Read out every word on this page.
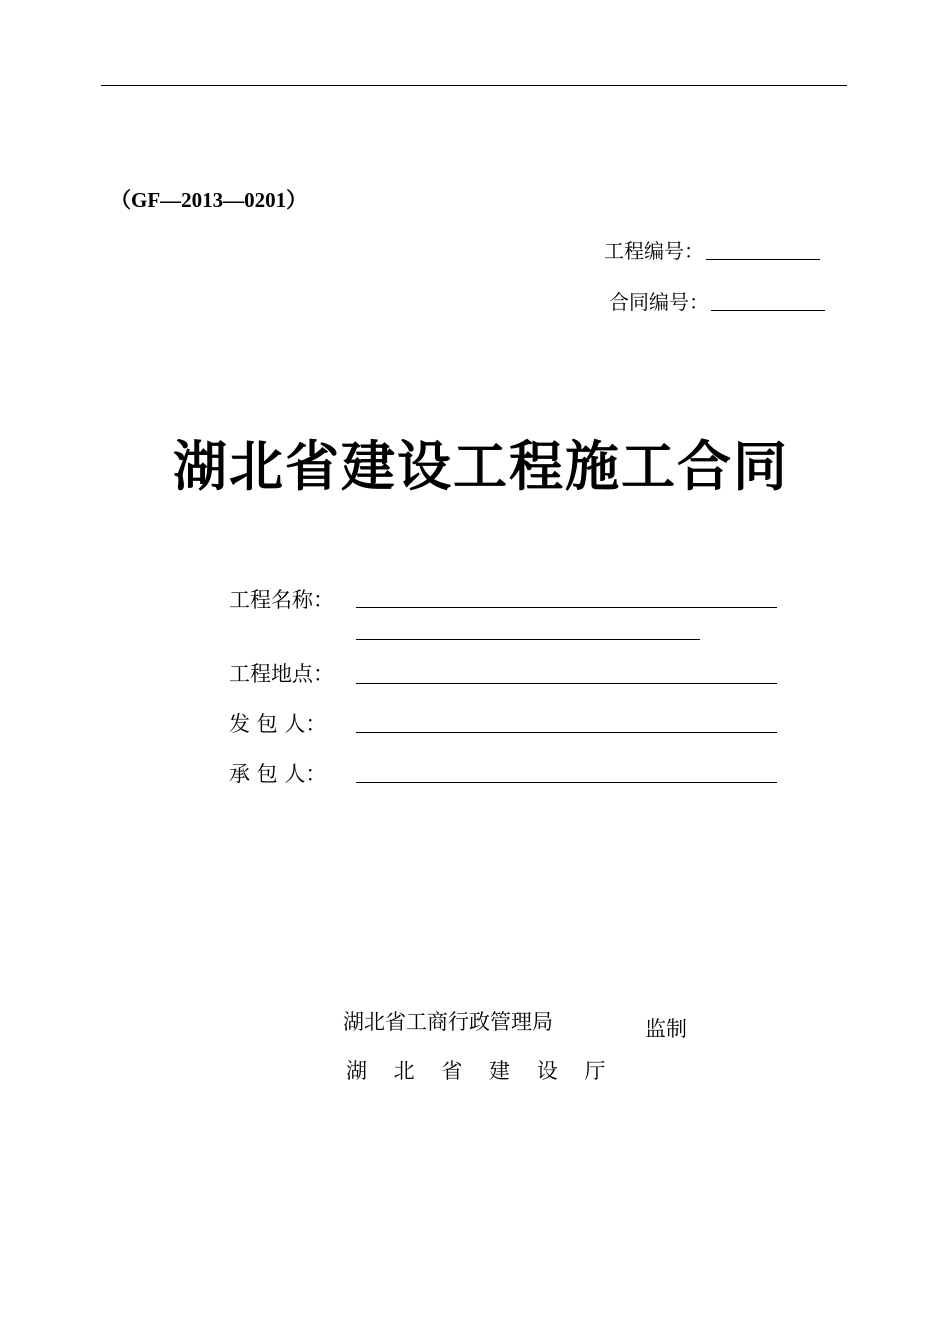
（GF—2013—0201）
工程编号：
合同编号：
湖北省建设工程施工合同
工程名称：
工程地点：
发 包 人：
承 包 人：
湖北省工商行政管理局	监制
湖 北 省 建 设 厅
